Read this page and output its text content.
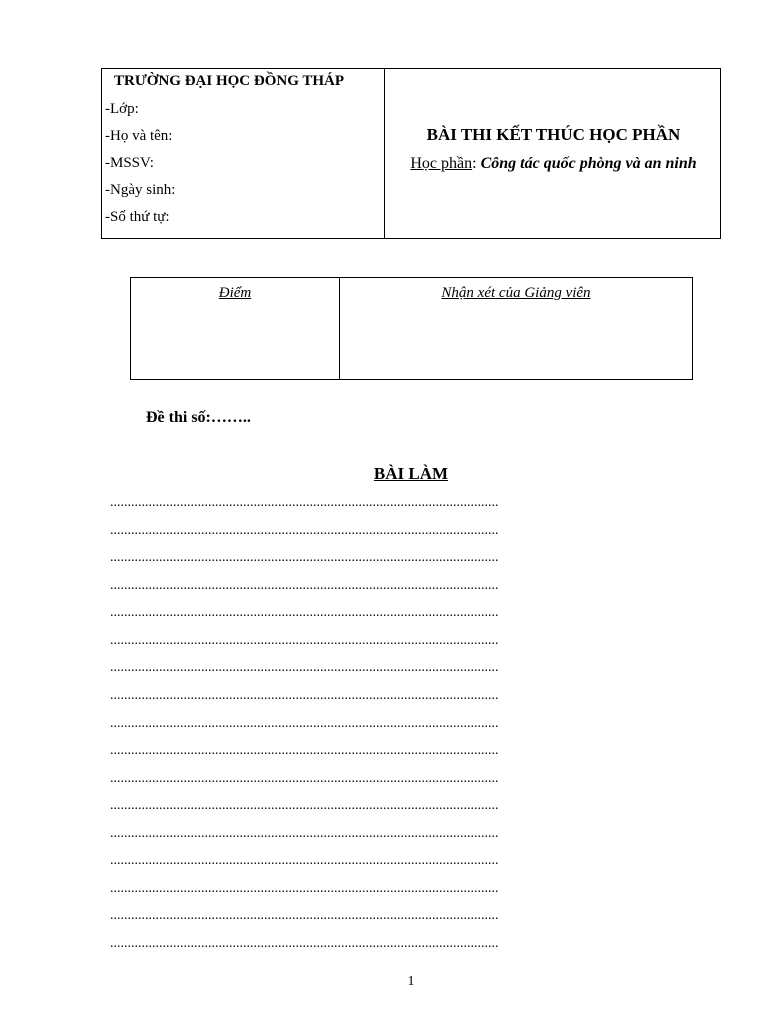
TRƯỜNG ĐẠI HỌC ĐỒNG THÁP
-Lớp:
-Họ và tên:
-MSSV:
-Ngày sinh:
-Số thứ tự:
BÀI THI KẾT THÚC HỌC PHẦN
Học phần: Công tác quốc phòng và an ninh
Điểm	Nhận xét của Giảng viên
Đề thi số:……..
BÀI LÀM
...............................................................................................................
...............................................................................................................
...............................................................................................................
...............................................................................................................
...............................................................................................................
...............................................................................................................
...............................................................................................................
...............................................................................................................
...............................................................................................................
...............................................................................................................
...............................................................................................................
...............................................................................................................
...............................................................................................................
...............................................................................................................
...............................................................................................................
...............................................................................................................
...............................................................................................................
1
